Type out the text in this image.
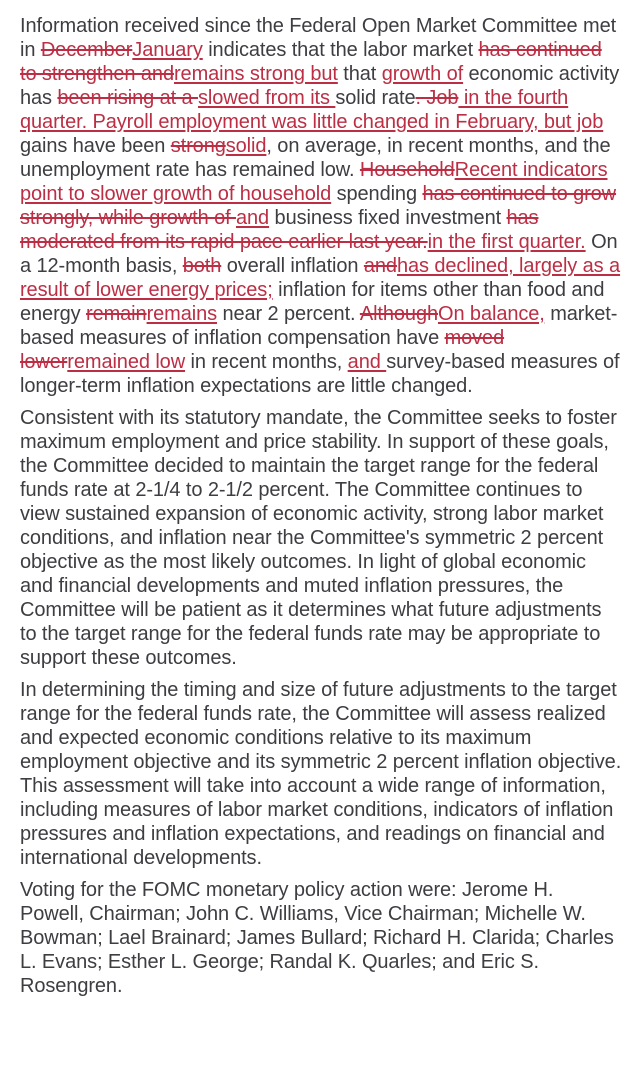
Information received since the Federal Open Market Committee met in DecemberJanuary indicates that the labor market has continued to strengthen andremains strong but that growth of economic activity has been rising at a slowed from its solid rate. Job in the fourth quarter. Payroll employment was little changed in February, but job gains have been strongsolid, on average, in recent months, and the unemployment rate has remained low. HouseholdRecent indicators point to slower growth of household spending has continued to grow strongly, while growth of and business fixed investment has moderated from its rapid pace earlier last year.in the first quarter. On a 12-month basis, both overall inflation andhas declined, largely as a result of lower energy prices; inflation for items other than food and energy remainremains near 2 percent. AlthoughOn balance, market-based measures of inflation compensation have moved lowerremained low in recent months, and survey-based measures of longer-term inflation expectations are little changed.

Consistent with its statutory mandate, the Committee seeks to foster maximum employment and price stability. In support of these goals, the Committee decided to maintain the target range for the federal funds rate at 2-1/4 to 2-1/2 percent. The Committee continues to view sustained expansion of economic activity, strong labor market conditions, and inflation near the Committee's symmetric 2 percent objective as the most likely outcomes. In light of global economic and financial developments and muted inflation pressures, the Committee will be patient as it determines what future adjustments to the target range for the federal funds rate may be appropriate to support these outcomes.

In determining the timing and size of future adjustments to the target range for the federal funds rate, the Committee will assess realized and expected economic conditions relative to its maximum employment objective and its symmetric 2 percent inflation objective. This assessment will take into account a wide range of information, including measures of labor market conditions, indicators of inflation pressures and inflation expectations, and readings on financial and international developments.

Voting for the FOMC monetary policy action were: Jerome H. Powell, Chairman; John C. Williams, Vice Chairman; Michelle W. Bowman; Lael Brainard; James Bullard; Richard H. Clarida; Charles L. Evans; Esther L. George; Randal K. Quarles; and Eric S. Rosengren.
